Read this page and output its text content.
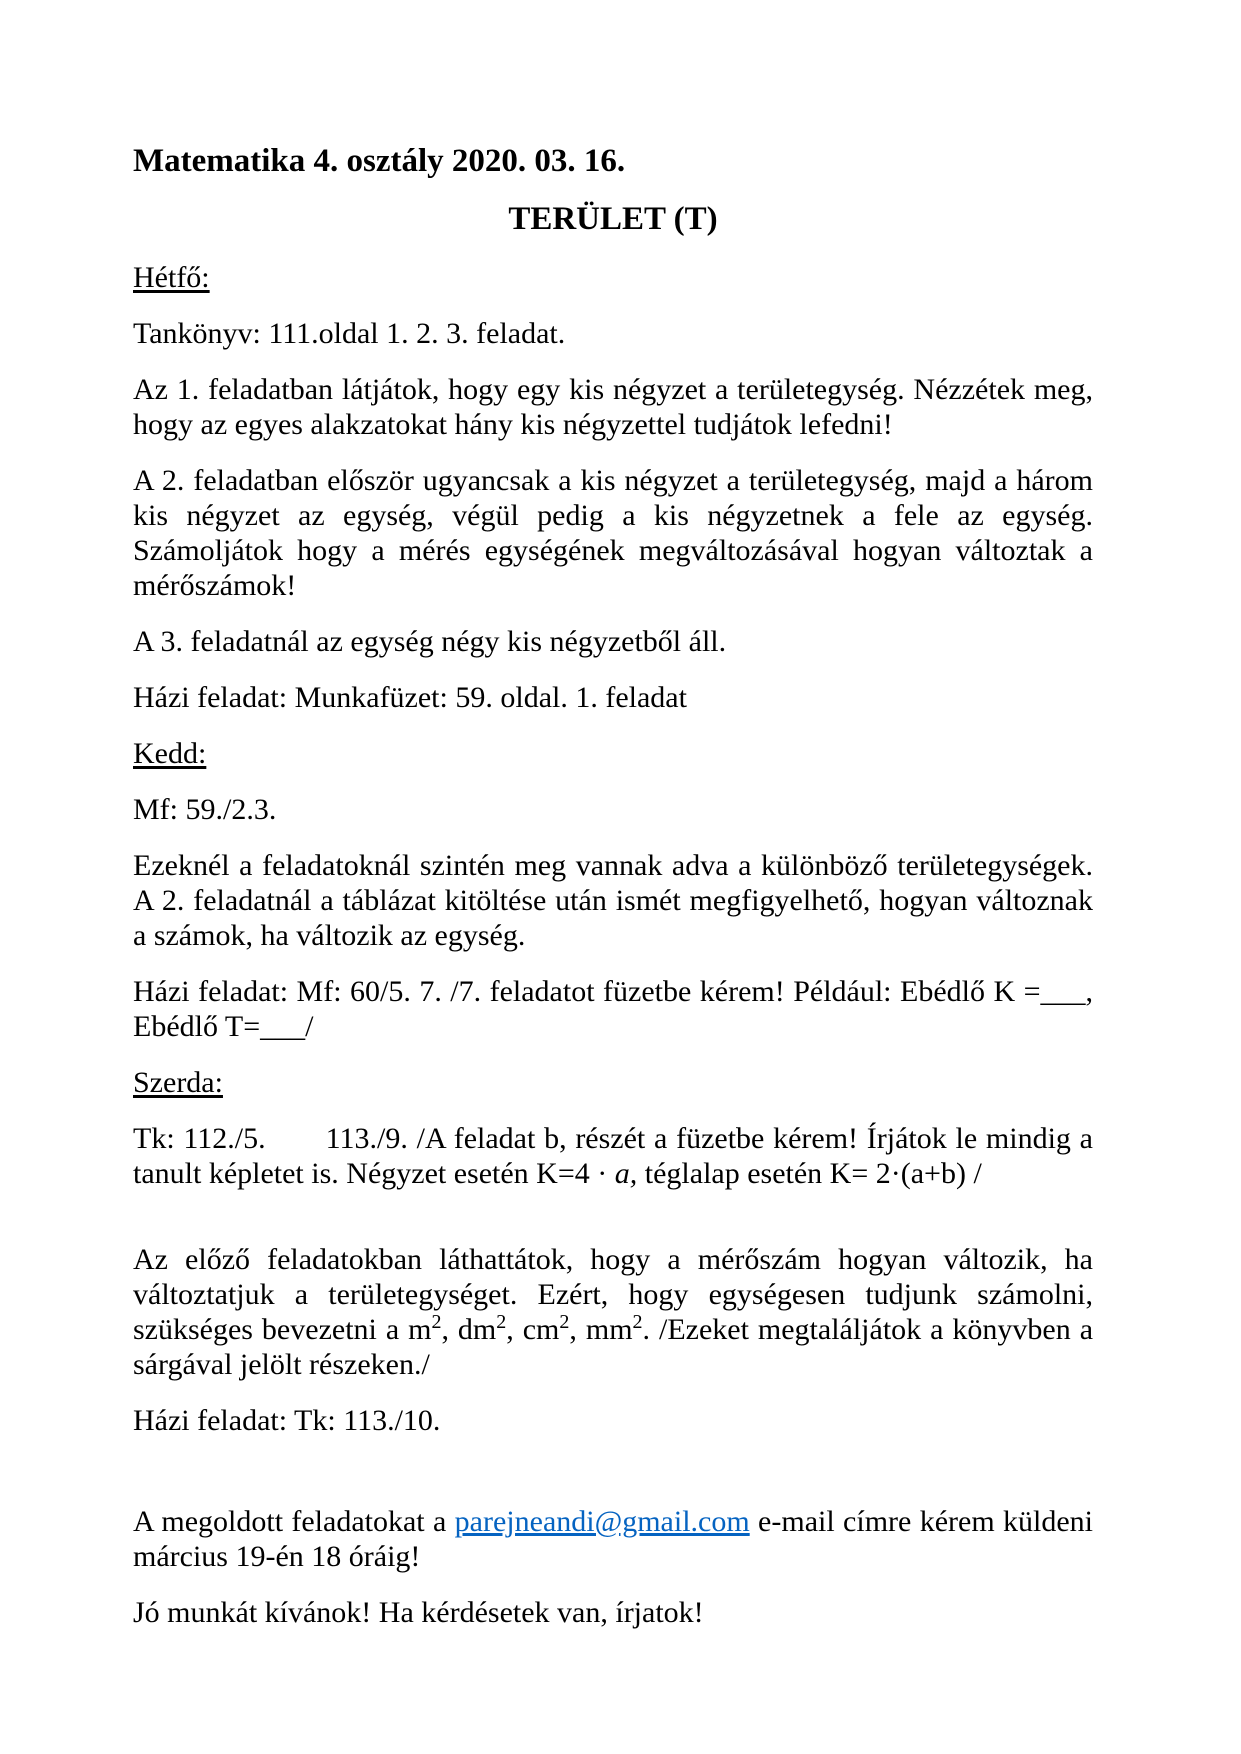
Matematika 4. osztály 2020. 03. 16.
TERÜLET (T)

Hétfő:

Tankönyv: 111.oldal 1. 2. 3. feladat.

Az 1. feladatban látjátok, hogy egy kis négyzet a területegység. Nézzétek meg, hogy az egyes alakzatokat hány kis négyzettel tudjátok lefedni!

A 2. feladatban először ugyancsak a kis négyzet a területegység, majd a három kis négyzet az egység, végül pedig a kis négyzetnek a fele az egység. Számoljátok hogy a mérés egységének megváltozásával hogyan változtak a mérőszámok!

A 3. feladatnál az egység négy kis négyzetből áll.

Házi feladat: Munkafüzet: 59. oldal. 1. feladat

Kedd:

Mf: 59./2.3.

Ezeknél a feladatoknál szintén meg vannak adva a különböző területegységek. A 2. feladatnál a táblázat kitöltése után ismét megfigyelhető, hogyan változnak a számok, ha változik az egység.

Házi feladat: Mf: 60/5. 7. /7. feladatot füzetbe kérem! Például: Ebédlő K =___, Ebédlő T=___/

Szerda:

Tk: 112./5. 113./9. /A feladat b, részét a füzetbe kérem! Írjátok le mindig a tanult képletet is. Négyzet esetén K=4 · a, téglalap esetén K= 2·(a+b) /

Az előző feladatokban láthattátok, hogy a mérőszám hogyan változik, ha változtatjuk a területegységet. Ezért, hogy egységesen tudjunk számolni, szükséges bevezetni a $m^2$, $dm^2$, $cm^2$, $mm^2$. /Ezeket megtaláljátok a könyvben a sárgával jelölt részeken./

Házi feladat: Tk: 113./10.

A megoldott feladatokat a parejneandi@gmail.com e-mail címre kérem küldeni március 19-én 18 óráig!

Jó munkát kívánok! Ha kérdésetek van, írjatok!
